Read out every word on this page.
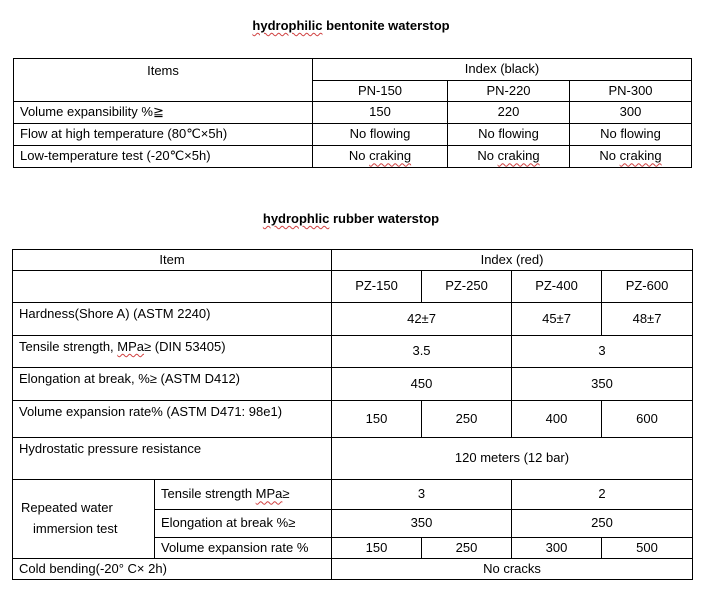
hydrophilic bentonite waterstop
Items	Index (black)		
	PN-150	PN-220	PN-300
Volume expansibility %≧	150	220	300
Flow at high temperature (80℃×5h)	No flowing	No flowing	No flowing
Low-temperature test (-20℃×5h)	No craking	No craking	No craking
hydrophlic rubber waterstop
Item		Index (red)			
		PZ-150	PZ-250	PZ-400	PZ-600
Hardness(Shore A) (ASTM 2240)		42±7		45±7	48±7
Tensile strength, MPa≥ (DIN 53405)		3.5		3	
Elongation at break, %≥ (ASTM D412)		450		350	
Volume expansion rate% (ASTM D471: 98e1)		150	250	400	600
Hydrostatic pressure resistance		120 meters (12 bar)			
Repeated water
immersion test	Tensile strength MPa≥	3		2	
	Elongation at break %≥	350		250	
	Volume expansion rate %	150	250	300	500
Cold bending(-20° C× 2h)		No cracks			
